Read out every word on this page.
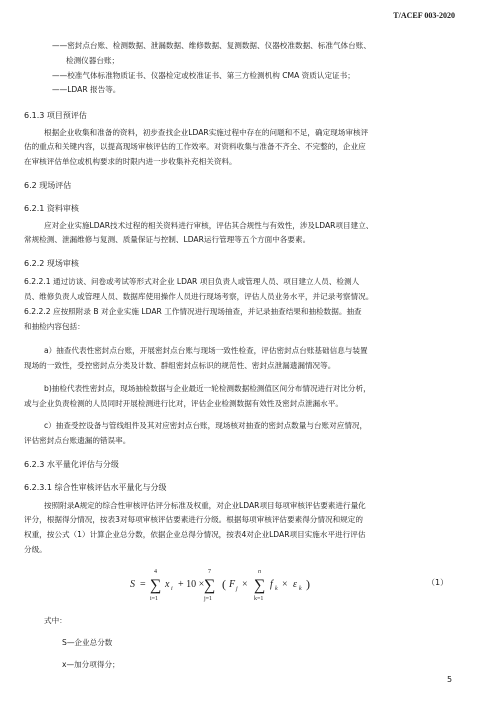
T/ACEF 003-2020
——密封点台账、检测数据、泄漏数据、维修数据、复测数据、仪器校准数据、标准气体台账、
检测仪器台账；
——校准气体标准物质证书、仪器检定或校准证书、第三方检测机构 CMA 资质认定证书；
——LDAR 报告等。
6.1.3 项目预评估
根据企业收集和准备的资料，初步查找企业LDAR实施过程中存在的问题和不足，确定现场审核评
估的重点和关键内容，以提高现场审核评估的工作效率。对资料收集与准备不齐全、不完整的，企业应
在审核评估单位或机构要求的时限内进一步收集补充相关资料。
6.2 现场评估
6.2.1 资料审核
应对企业实施LDAR技术过程的相关资料进行审核，评估其合规性与有效性，涉及LDAR项目建立、
常规检测、泄漏维修与复测、质量保证与控制、LDAR运行管理等五个方面中各要素。
6.2.2 现场审核
6.2.2.1 通过访谈、问卷或考试等形式对企业 LDAR 项目负责人或管理人员、项目建立人员、检测人
员、维修负责人或管理人员、数据库使用操作人员进行现场考察，评估人员业务水平，并记录考察情况。
6.2.2.2 应按照附录 B 对企业实施 LDAR 工作情况进行现场抽查，并记录抽查结果和抽检数据。抽查
和抽检内容包括：
a）抽查代表性密封点台账，开展密封点台账与现场一致性检查，评估密封点台账基础信息与装置
现场的一致性，受控密封点分类及计数、群组密封点标识的规范性、密封点泄漏遗漏情况等。
b)抽检代表性密封点，现场抽检数据与企业最近一轮检测数据检测值区间分布情况进行对比分析，
或与企业负责检测的人员同时开展检测进行比对，评估企业检测数据有效性及密封点泄漏水平。
c）抽查受控设备与管线组件及其对应密封点台账，现场核对抽查的密封点数量与台账对应情况，
评估密封点台账遗漏的错误率。
6.2.3 水平量化评估与分级
6.2.3.1 综合性审核评估水平量化与分级
按照附录A规定的综合性审核评估评分标准及权重，对企业LDAR项目每项审核评估要素进行量化
评分，根据得分情况，按表3对每项审核评估要素进行分级。根据每项审核评估要素得分情况和规定的
权重，按公式（1）计算企业总分数，依据企业总得分情况，按表4对企业LDAR项目实施水平进行评估
分级。
S =
4
∑
i=1
x i + 10 ×
7
∑
j=1
( F j ×
n
∑
k=1
f k × ε k )	（1）
式中：
S—企业总分数
x—加分项得分；
5
